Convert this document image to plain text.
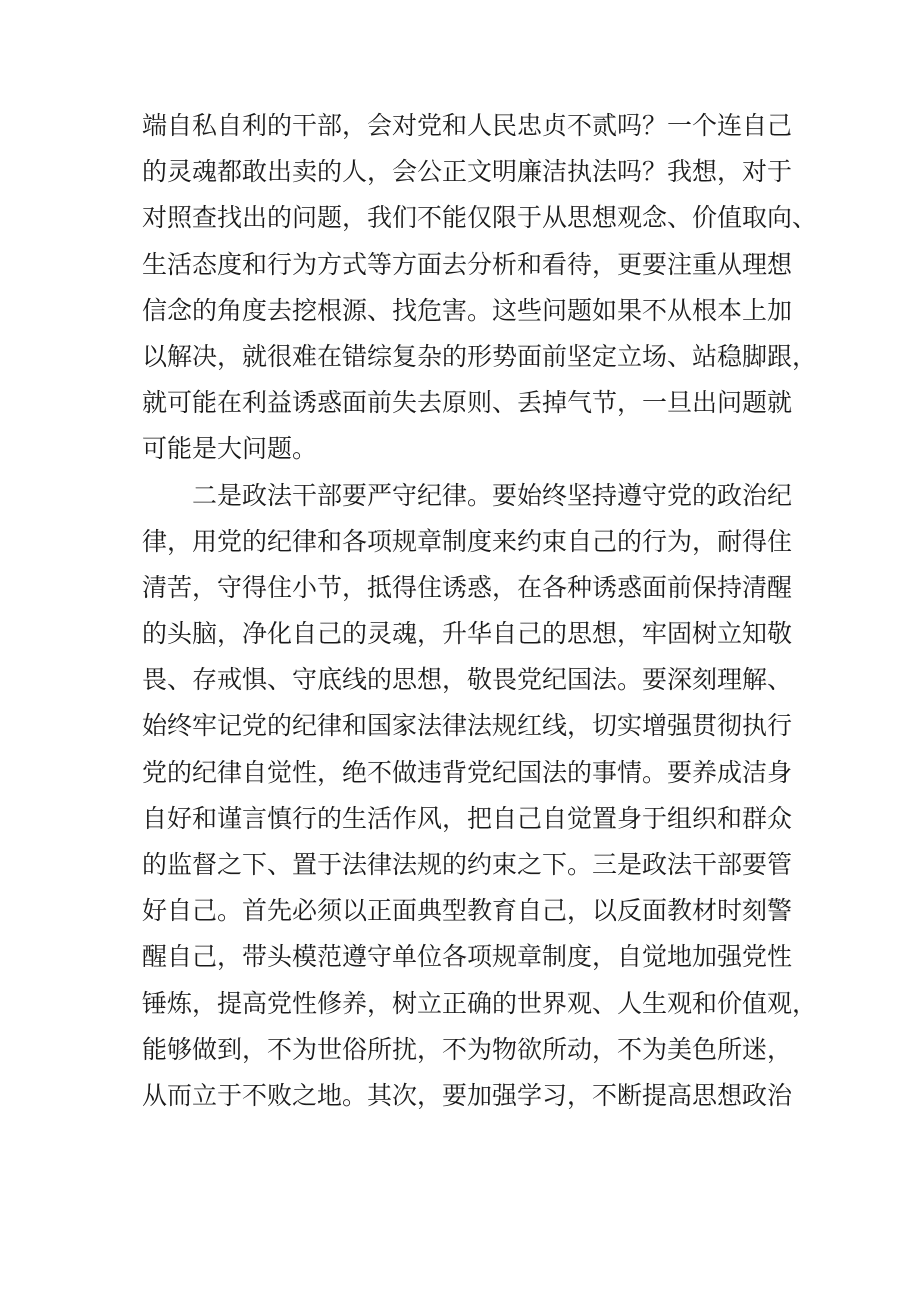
端自私自利的干部，会对党和人民忠贞不贰吗？一个连自己
的灵魂都敢出卖的人，会公正文明廉洁执法吗？我想，对于
对照查找出的问题，我们不能仅限于从思想观念、价值取向、
生活态度和行为方式等方面去分析和看待，更要注重从理想
信念的角度去挖根源、找危害。这些问题如果不从根本上加
以解决，就很难在错综复杂的形势面前坚定立场、站稳脚跟，
就可能在利益诱惑面前失去原则、丢掉气节，一旦出问题就
可能是大问题。
二是政法干部要严守纪律。要始终坚持遵守党的政治纪
律，用党的纪律和各项规章制度来约束自己的行为，耐得住
清苦，守得住小节，抵得住诱惑，在各种诱惑面前保持清醒
的头脑，净化自己的灵魂，升华自己的思想，牢固树立知敬
畏、存戒惧、守底线的思想，敬畏党纪国法。要深刻理解、
始终牢记党的纪律和国家法律法规红线，切实增强贯彻执行
党的纪律自觉性，绝不做违背党纪国法的事情。要养成洁身
自好和谨言慎行的生活作风，把自己自觉置身于组织和群众
的监督之下、置于法律法规的约束之下。三是政法干部要管
好自己。首先必须以正面典型教育自己，以反面教材时刻警
醒自己，带头模范遵守单位各项规章制度，自觉地加强党性
锤炼，提高党性修养，树立正确的世界观、人生观和价值观，
能够做到，不为世俗所扰，不为物欲所动，不为美色所迷，
从而立于不败之地。其次，要加强学习，不断提高思想政治
